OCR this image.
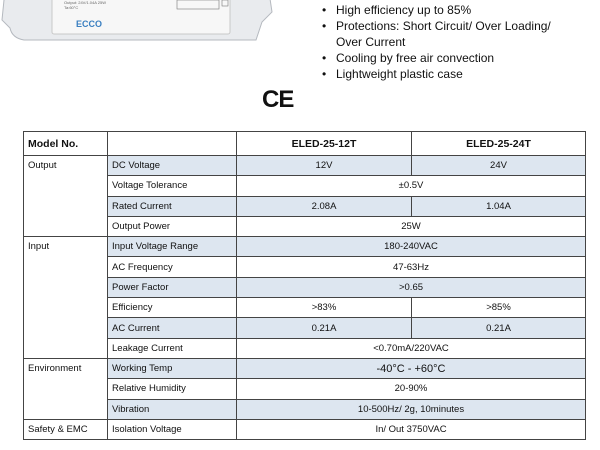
Output: 24V/1.04A 25W
Ta:60°C
ECCO
• High efficiency up to 85%
• Protections: Short Circuit/ Over Loading/ Over Current
• Cooling by free air convection
• Lightweight plastic case
CE
Model No.		ELED-25-12T	ELED-25-24T
Output	DC Voltage	12V	24V
	Voltage Tolerance	±0.5V	
	Rated Current	2.08A	1.04A
	Output Power	25W	
Input	Input Voltage Range	180-240VAC	
	AC Frequency	47-63Hz	
	Power Factor	>0.65	
	Efficiency	>83%	>85%
	AC Current	0.21A	0.21A
	Leakage Current	<0.70mA/220VAC	
Environment	Working Temp	-40°C - +60°C	
	Relative Humidity	20-90%	
	Vibration	10-500Hz/ 2g, 10minutes	
Safety & EMC	Isolation Voltage	In/ Out 3750VAC	
